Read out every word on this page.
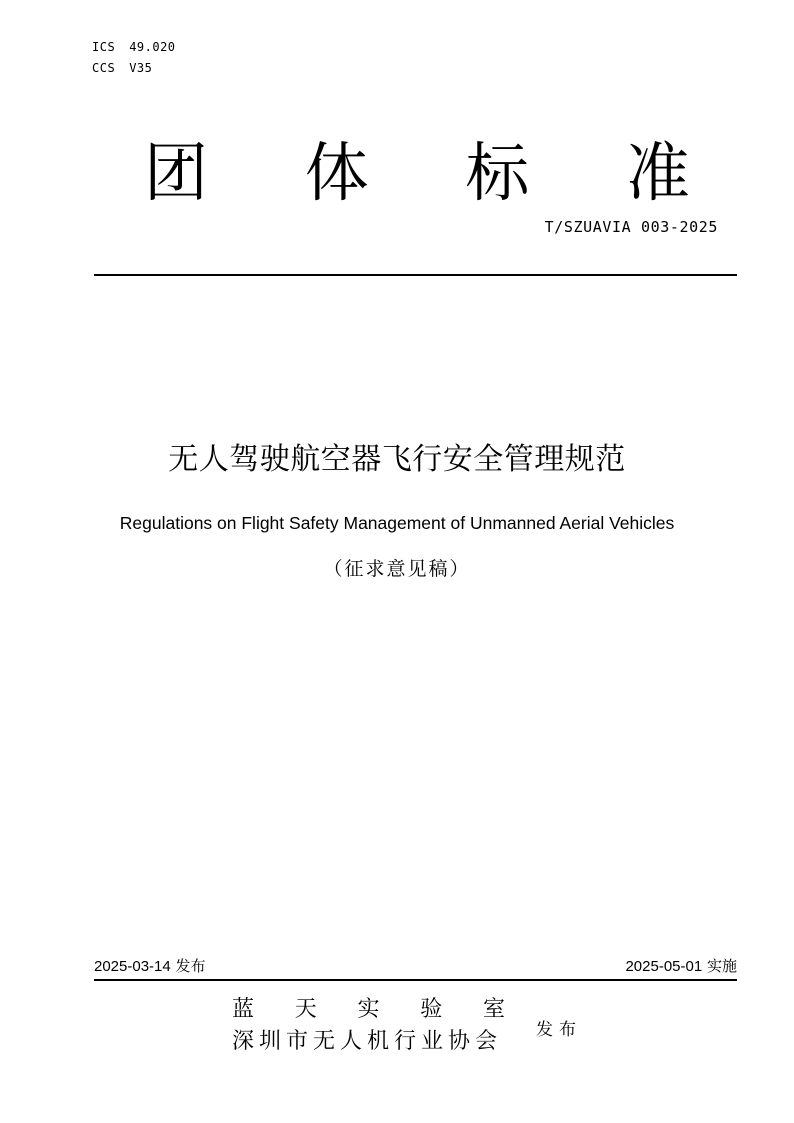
ICS 49.020
CCS V35
团 体 标 准
T/SZUAVIA 003-2025
无人驾驶航空器飞行安全管理规范
Regulations on Flight Safety Management of Unmanned Aerial Vehicles
（征求意见稿）
2025-03-14 发布	2025-05-01 实施
蓝 天 实 验 室
深圳市无人机行业协会 发布
